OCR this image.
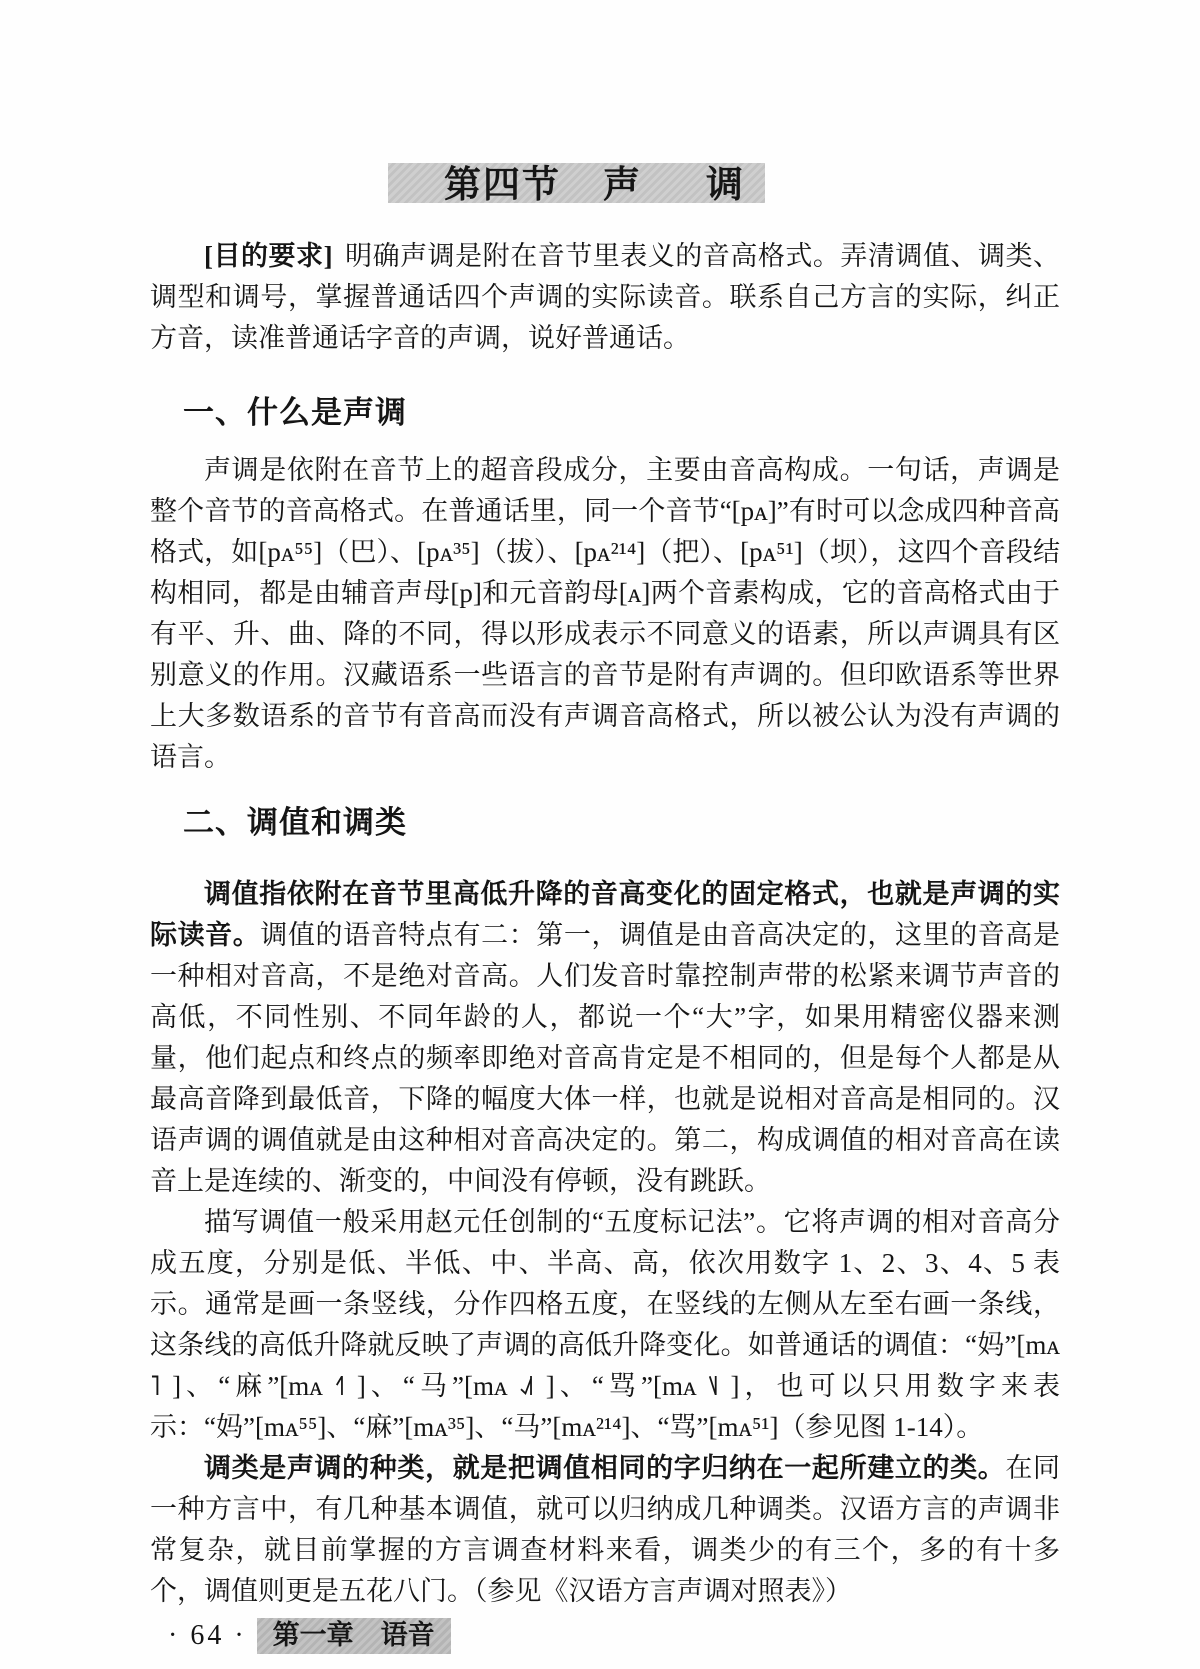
第四节 声 调

[目的要求] 明确声调是附在音节里表义的音高格式。弄清调值、调类、调型和调号，掌握普通话四个声调的实际读音。联系自己方言的实际，纠正方音，读准普通话字音的声调，说好普通话。

一、什么是声调

声调是依附在音节上的超音段成分，主要由音高构成。一句话，声调是整个音节的音高格式。在普通话里，同一个音节“[pᴀ]”有时可以念成四种音高格式，如[pᴀ⁵⁵]（巴）、[pᴀ³⁵]（拔）、[pᴀ²¹⁴]（把）、[pᴀ⁵¹]（坝），这四个音段结构相同，都是由辅音声母[p]和元音韵母[ᴀ]两个音素构成，它的音高格式由于有平、升、曲、降的不同，得以形成表示不同意义的语素，所以声调具有区别意义的作用。汉藏语系一些语言的音节是附有声调的。但印欧语系等世界上大多数语系的音节有音高而没有声调音高格式，所以被公认为没有声调的语言。

二、调值和调类

调值指依附在音节里高低升降的音高变化的固定格式，也就是声调的实际读音。调值的语音特点有二：第一，调值是由音高决定的，这里的音高是一种相对音高，不是绝对音高。人们发音时靠控制声带的松紧来调节声音的高低，不同性别、不同年龄的人，都说一个“大”字，如果用精密仪器来测量，他们起点和终点的频率即绝对音高肯定是不相同的，但是每个人都是从最高音降到最低音，下降的幅度大体一样，也就是说相对音高是相同的。汉语声调的调值就是由这种相对音高决定的。第二，构成调值的相对音高在读音上是连续的、渐变的，中间没有停顿，没有跳跃。

描写调值一般采用赵元任创制的“五度标记法”。它将声调的相对音高分成五度，分别是低、半低、中、半高、高，依次用数字 1、2、3、4、5 表示。通常是画一条竖线，分作四格五度，在竖线的左侧从左至右画一条线，这条线的高低升降就反映了声调的高低升降变化。如普通话的调值：“妈”[mᴀ ˥ ]、“麻”[mᴀ ˧˥ ]、“马”[mᴀ ˨˩˦ ]、“骂”[mᴀ ˥˩ ]，也可以只用数字来表示：“妈”[mᴀ⁵⁵]、“麻”[mᴀ³⁵]、“马”[mᴀ²¹⁴]、“骂”[mᴀ⁵¹]（参见图 1-14）。

调类是声调的种类，就是把调值相同的字归纳在一起所建立的类。在同一种方言中，有几种基本调值，就可以归纳成几种调类。汉语方言的声调非常复杂，就目前掌握的方言调查材料来看，调类少的有三个，多的有十多个，调值则更是五花八门。（参见《汉语方言声调对照表》）

· 64 · 第一章　语音
